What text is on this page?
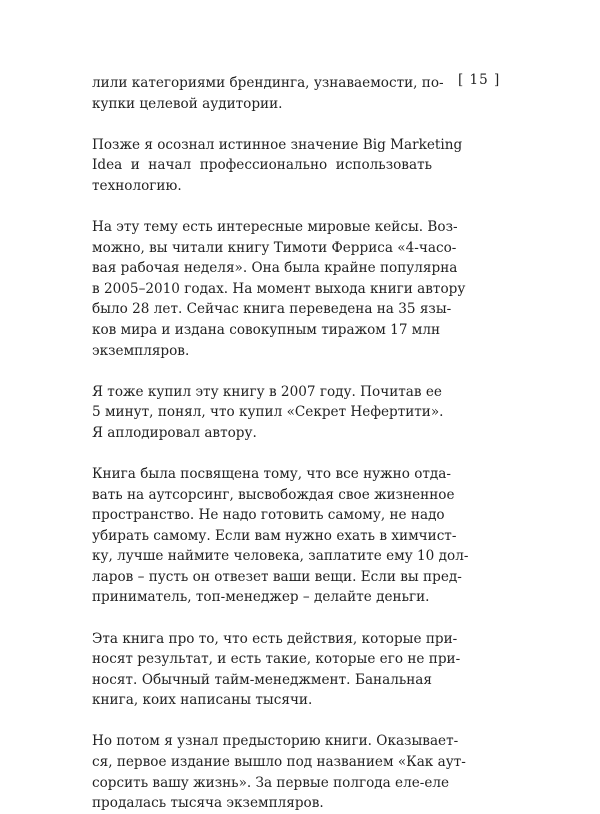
[ 15 ]

лили категориями брендинга, узнаваемости, по-
купки целевой аудитории.

Позже я осознал истинное значение Big Marketing
Idea и начал профессионально использовать
технологию.

На эту тему есть интересные мировые кейсы. Воз-
можно, вы читали книгу Тимоти Ферриса «4-часо-
вая рабочая неделя». Она была крайне популярна
в 2005–2010 годах. На момент выхода книги автору
было 28 лет. Сейчас книга переведена на 35 язы-
ков мира и издана совокупным тиражом 17 млн
экземпляров.

Я тоже купил эту книгу в 2007 году. Почитав ее
5 минут, понял, что купил «Секрет Нефертити».
Я аплодировал автору.

Книга была посвящена тому, что все нужно отда-
вать на аутсорсинг, высвобождая свое жизненное
пространство. Не надо готовить самому, не надо
убирать самому. Если вам нужно ехать в химчист-
ку, лучше наймите человека, заплатите ему 10 дол-
ларов – пусть он отвезет ваши вещи. Если вы пред-
приниматель, топ-менеджер – делайте деньги.

Эта книга про то, что есть действия, которые при-
носят результат, и есть такие, которые его не при-
носят. Обычный тайм-менеджмент. Банальная
книга, коих написаны тысячи.

Но потом я узнал предысторию книги. Оказывает-
ся, первое издание вышло под названием «Как аут-
сорсить вашу жизнь». За первые полгода еле-еле
продалась тысяча экземпляров.
